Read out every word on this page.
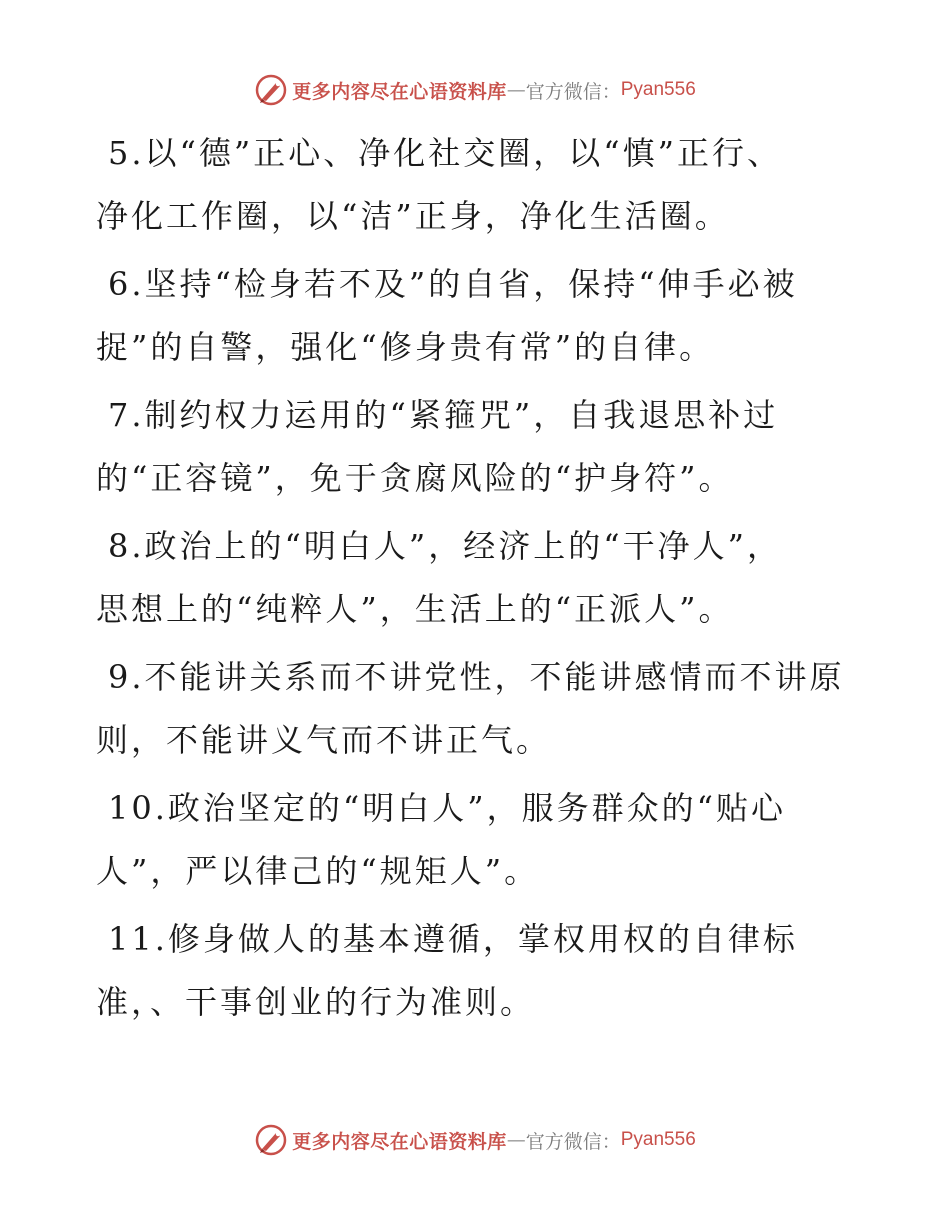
更多内容尽在心语资料库 — 官方微信： Pyan556
5.以“德”正心、净化社交圈，以“慎”正行、
净化工作圈，以“洁”正身，净化生活圈。
6.坚持“检身若不及”的自省，保持“伸手必被
捉”的自警，强化“修身贵有常”的自律。
7.制约权力运用的“紧箍咒”，自我退思补过
的“正容镜”，免于贪腐风险的“护身符”。
8.政治上的“明白人”，经济上的“干净人”，
思想上的“纯粹人”，生活上的“正派人”。
9.不能讲关系而不讲党性，不能讲感情而不讲原
则，不能讲义气而不讲正气。
10.政治坚定的“明白人”，服务群众的“贴心
人”，严以律己的“规矩人”。
11.修身做人的基本遵循，掌权用权的自律标
准，、干事创业的行为准则。
更多内容尽在心语资料库 — 官方微信： Pyan556
